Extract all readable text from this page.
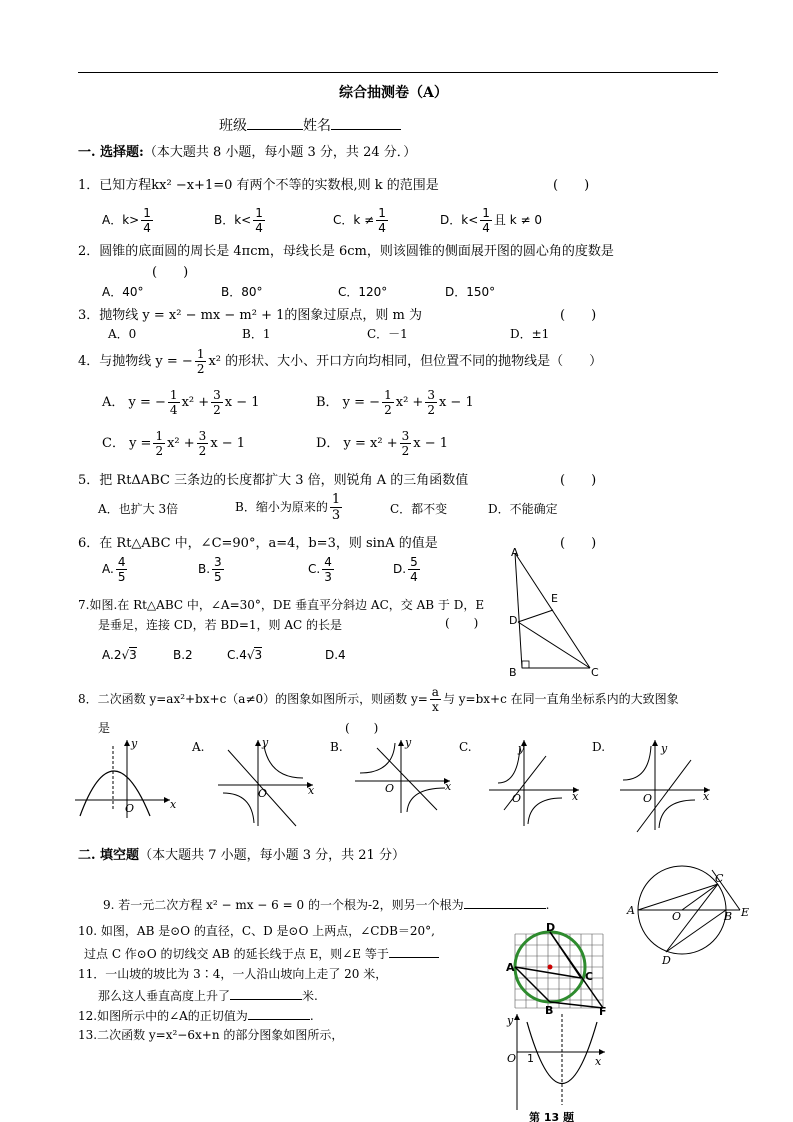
综合抽测卷（A）
班级	姓名
一. 选择题:（本大题共 8 小题，每小题 3 分，共 24 分．）
1．已知方程kx² −x+1=0 有两个不等的实数根,则 k 的范围是	(　　)
A．$k> \frac{1}{4}$	B．$k< \frac{1}{4}$	C．$k \ne \frac{1}{4}$	D．$k< \frac{1}{4}$ 且 k ≠ 0
2．圆锥的底面圆的周长是 4πcm，母线长是 6cm，则该圆锥的侧面展开图的圆心角的度数是
(　　)
A．40°	B．80°	C．120°	D．150°
3．抛物线 y = x² − mx − m² + 1的图象过原点，则 m 为	(　　)
A．0	B．1	C．－1	D．±1
4．与抛物线 y = − $\frac{1}{2} x^2$ 的形状、大小、开口方向均相同，但位置不同的抛物线是（　　）
A． y = − $\frac{1}{4} x^2 + \frac{3}{2}$ x − 1	B． y = − $\frac{1}{2} x^2 + \frac{3}{2}$ x − 1
C． $y = \frac{1}{2} x^2 + \frac{3}{2}$ x − 1	D． $y = x^2 + \frac{3}{2}$ x − 1
5．把 RtΔABC 三条边的长度都扩大 3 倍，则锐角 A 的三角函数值	(　　)
A．也扩大 3倍	B．缩小为原来的 $\frac{1}{3}$	C．都不变	D．不能确定
6．在 Rt△ABC 中，∠C=90°，a=4，b=3，则 sinA 的值是	(　　)
A. $\frac{4}{5}$	B. $\frac{3}{5}$	C. $\frac{4}{3}$	D. $\frac{5}{4}$
7.如图.在 Rt△ABC 中，∠A=30°，DE 垂直平分斜边 AC，交 AB 于 D，E
是垂足，连接 CD，若 BD=1，则 AC 的长是	(　　)
A.2√3	B.2	C.4√3	D.4
A
E
D
B	C
8．二次函数 y=ax²+bx+c（a≠0）的图象如图所示，则函数 $y= \frac{a}{x}$ 与 y=bx+c 在同一直角坐标系内的大致图象
是	(　　)
y
x
O
A.	y
x
O
B.	y
x
O
C.	y
x
O
D.	y
x
O
二. 填空题（本大题共 7 小题，每小题 3 分，共 21 分）
9. 若一元二次方程 x² − mx − 6 = 0 的一个根为-2，则另一个根为	.
10. 如图，AB 是⊙O 的直径，C、D 是⊙O 上两点，∠CDB＝20°,
过点 C 作⊙O 的切线交 AB 的延长线于点 E，则∠E 等于
11．一山坡的坡比为 3∶4，一人沿山坡向上走了 20 米，
那么这人垂直高度上升了	米.
12.如图所示中的∠A的正切值为	.
13.二次函数 y=x²−6x+n 的部分图象如图所示，
A	O
C
B E
D
D
A
C
B	F
y
x
O 1
第 13 题
